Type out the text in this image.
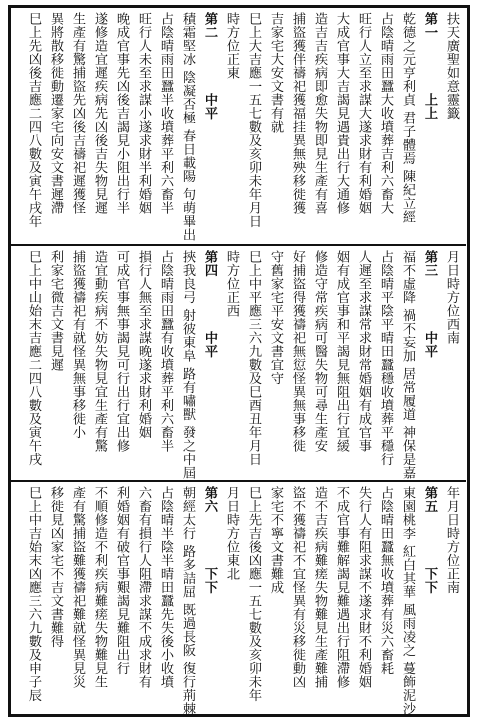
扶天廣聖如意靈籤
第一　　　　上上
乾德之元亨利貞 君子體焉 陳紀立經
占陰晴雨田蠶大收墳葬吉利六畜大
旺行人立至求謀大遂求財有利婚姻
大成官事大吉謁見遇貴出行大通修
造吉吉疾病即愈失物即見生產有喜
捕盜獲伴禱祀獲福挂異無殃移徙獲
吉家宅大安文書有就
巳上大吉應一五七數及亥卯未年月日
時方位正東
第二　　　　中平
積霜堅冰 陰凝否極 春日載陽 句萌畢出
占陰晴雨田蠶半收墳葬平利六畜半
旺行人未至求謀小遂求財半利婚姻
晚成官事先凶後吉謁見小阻出行半
遂修造宜遲疾病先凶後吉失物見遲
生產有驚捕盜先凶後吉禱祀遲獲怪
異將散移徙動遷家宅向安文書遲滯
巳上先凶後吉應二四八數及寅午戌年
月日時方位西南
第三　　　　中平
福不虛降 禍不妄加 居常履道 神保是嘉
占陰晴平陰平晴田蠶穩收墳葬平穩行
人遲至求謀常求財常婚姻有成官事
姻有成官事和平謁見無阻出行宜緩
修造守常疾病可醫失物可尋生產安
好捕盜得獲禱祀無愆怪異無事移徙
守舊家宅平安文書宜守
巳上中平應三六九數及巳酉丑年月日
時方位正西
第四　　　　中平
挾我良弓 射彼東阜 路有嘯獸 發之中屆
占陰晴雨田蠶有收墳葬平利六畜半
損行人無至求謀晚遂求財利婚姻
可成官事無事謁見可行出行宜出修
造宜動疾病不妨失物見宜生產有驚
捕盜獲禱祀有就怪異無事移徙小
利家宅微吉文書見遲
巳上中山始末吉應二四八數及寅午戌
年月日時方位正南
第五　　　　下下
東園桃李 紅白其華 風雨凌之 蔓飾泥沙
占陰晴田蠶無收墳葬有災六畜耗
失行人有阻求謀不遂求財不利婚姻
不成官事難解謁見難遇出行阻滯修
造不吉疾病難瘥失物難見生產難捕
盜不獲禱祀不宜怪異有災移徙動凶
家宅不寧文書難成
巳上先吉後凶應一五七數及亥卯未年
月日時方位東北
第六　　　　下下
朝經太行 路多詰屈 既過長阪 復行荊棘
占陰晴半陰半晴田蠶先失後小收墳
六畜有損行人阻滯求謀不成求財有
利婚姻有破官事艱謁見難阻出行
不順修造不利疾病難瘥失物難見生
產有驚捕盜難獲禱祀難就怪異見災
移徙見凶家宅不吉文書難得
巳上中吉始末凶應三六九數及申子辰
